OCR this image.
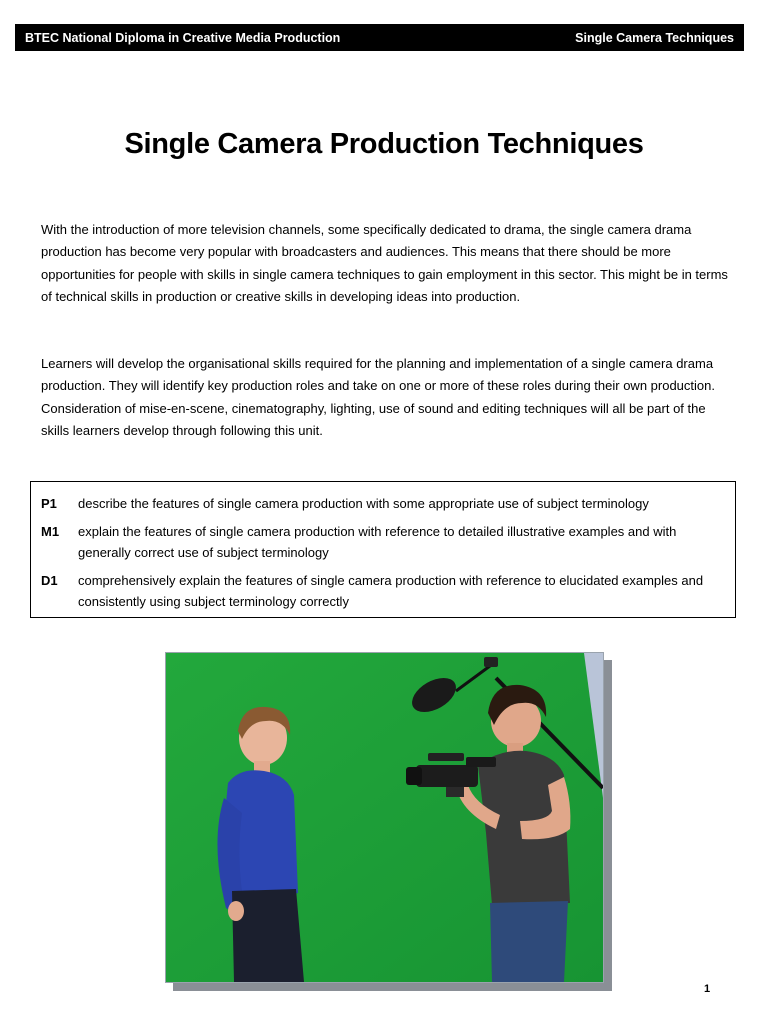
BTEC National Diploma in Creative Media Production	Single Camera Techniques
Single Camera Production Techniques

With the introduction of more television channels, some specifically dedicated to drama, the single camera drama production has become very popular with broadcasters and audiences. This means that there should be more opportunities for people with skills in single camera techniques to gain employment in this sector. This might be in terms of technical skills in production or creative skills in developing ideas into production.

Learners will develop the organisational skills required for the planning and implementation of a single camera drama production. They will identify key production roles and take on one or more of these roles during their own production. Consideration of mise-en-scene, cinematography, lighting, use of sound and editing techniques will all be part of the skills learners develop through following this unit.

P1	describe the features of single camera production with some appropriate use of subject terminology
M1	explain the features of single camera production with reference to detailed illustrative examples and with generally correct use of subject terminology
D1	comprehensively explain the features of single camera production with reference to elucidated examples and consistently using subject terminology correctly
1
